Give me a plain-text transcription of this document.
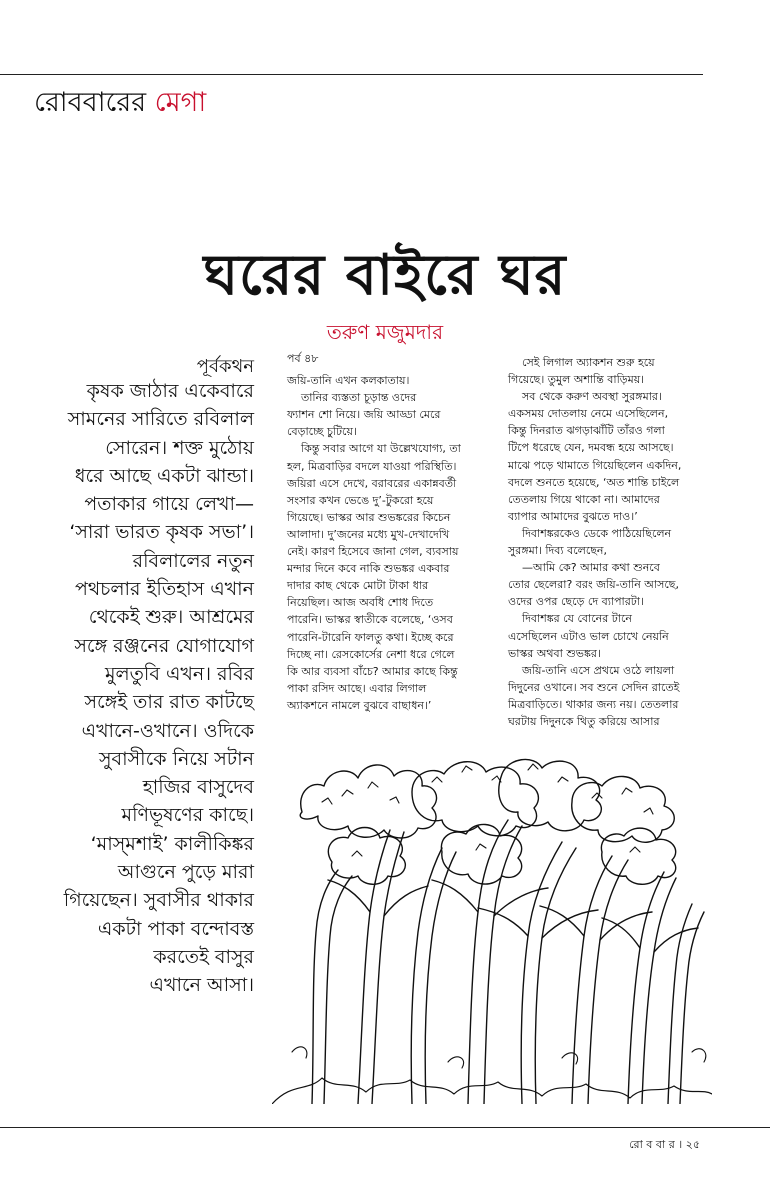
রোববারের মেগা
ঘরের বাইরে ঘর
তরুণ মজুমদার
পূর্বকথন
কৃষক জাঠার একেবারে
সামনের সারিতে রবিলাল
সোরেন। শক্ত মুঠোয়
ধরে আছে একটা ঝান্ডা।
পতাকার গায়ে লেখা—
‘সারা ভারত কৃষক সভা’।
রবিলালের নতুন
পথচলার ইতিহাস এখান
থেকেই শুরু। আশ্রমের
সঙ্গে রঞ্জনের যোগাযোগ
মুলতুবি এখন। রবির
সঙ্গেই তার রাত কাটছে
এখানে-ওখানে। ওদিকে
সুবাসীকে নিয়ে সটান
হাজির বাসুদেব
মণিভূষণের কাছে।
‘মাস্‌মশাই’ কালীকিঙ্কর
আগুনে পুড়ে মারা
গিয়েছেন। সুবাসীর থাকার
একটা পাকা বন্দোবস্ত
করতেই বাসুর
এখানে আসা।
পর্ব ৪৮
জয়ি-তানি এখন কলকাতায়।
তানির ব্যস্ততা চূড়ান্ত ওদের
ফ্যাশন শো নিয়ে। জয়ি আড্ডা মেরে
বেড়াচ্ছে চুটিয়ে।
কিন্তু সবার আগে যা উল্লেখযোগ্য, তা
হল, মিত্রবাড়ির বদলে যাওয়া পরিস্থিতি।
জয়িরা এসে দেখে, বরাবরের একান্নবর্তী
সংসার কখন ভেঙে দু’-টুকরো হয়ে
গিয়েছে। ভাস্কর আর শুভঙ্করের কিচেন
আলাদা। দু’জনের মধ্যে মুখ-দেখাদেখি
নেই। কারণ হিসেবে জানা গেল, ব্যবসায়
মন্দার দিনে কবে নাকি শুভঙ্কর একবার
দাদার কাছ থেকে মোটা টাকা ধার
নিয়েছিল। আজ অবধি শোধ দিতে
পারেনি। ভাস্কর স্বাতীকে বলেছে, ‘ওসব
পারেনি-টারেনি ফালতু কথা। ইচ্ছে করে
দিচ্ছে না। রেসকোর্সের নেশা ধরে গেলে
কি আর ব্যবসা বাঁচে? আমার কাছে কিন্তু
পাকা রসিদ আছে। এবার লিগাল
অ্যাকশনে নামলে বুঝবে বাছাধন।’
সেই লিগাল অ্যাকশন শুরু হয়ে
গিয়েছে। তুমুল অশান্তি বাড়িময়।
সব থেকে করুণ অবস্থা সুরঙ্গমার।
একসময় দোতলায় নেমে এসেছিলেন,
কিন্তু দিনরাত ঝগড়াঝাঁটি তাঁরও গলা
টিপে ধরেছে যেন, দমবন্ধ হয়ে আসছে।
মাঝে পড়ে থামাতে গিয়েছিলেন একদিন,
বদলে শুনতে হয়েছে, ‘অত শান্তি চাইলে
তেতলায় গিয়ে থাকো না। আমাদের
ব্যাপার আমাদের বুঝতে দাও।’
দিবাশঙ্করকেও ডেকে পাঠিয়েছিলেন
সুরঙ্গমা। দিব্য বলেছেন,
—আমি কে? আমার কথা শুনবে
তোর ছেলেরা? বরং জয়ি-তানি আসছে,
ওদের ওপর ছেড়ে দে ব্যাপারটা।
দিবাশঙ্কর যে বোনের টানে
এসেছিলেন এটাও ভাল চোখে নেয়নি
ভাস্কর অথবা শুভঙ্কর।
জয়ি-তানি এসে প্রথমে ওঠে লায়লা
দিদুনের ওখানে। সব শুনে সেদিন রাতেই
মিত্রবাড়িতে। থাকার জন্য নয়। তেতলার
ঘরটায় দিদুনকে থিতু করিয়ে আসার
রো ব বা র । ২৫
